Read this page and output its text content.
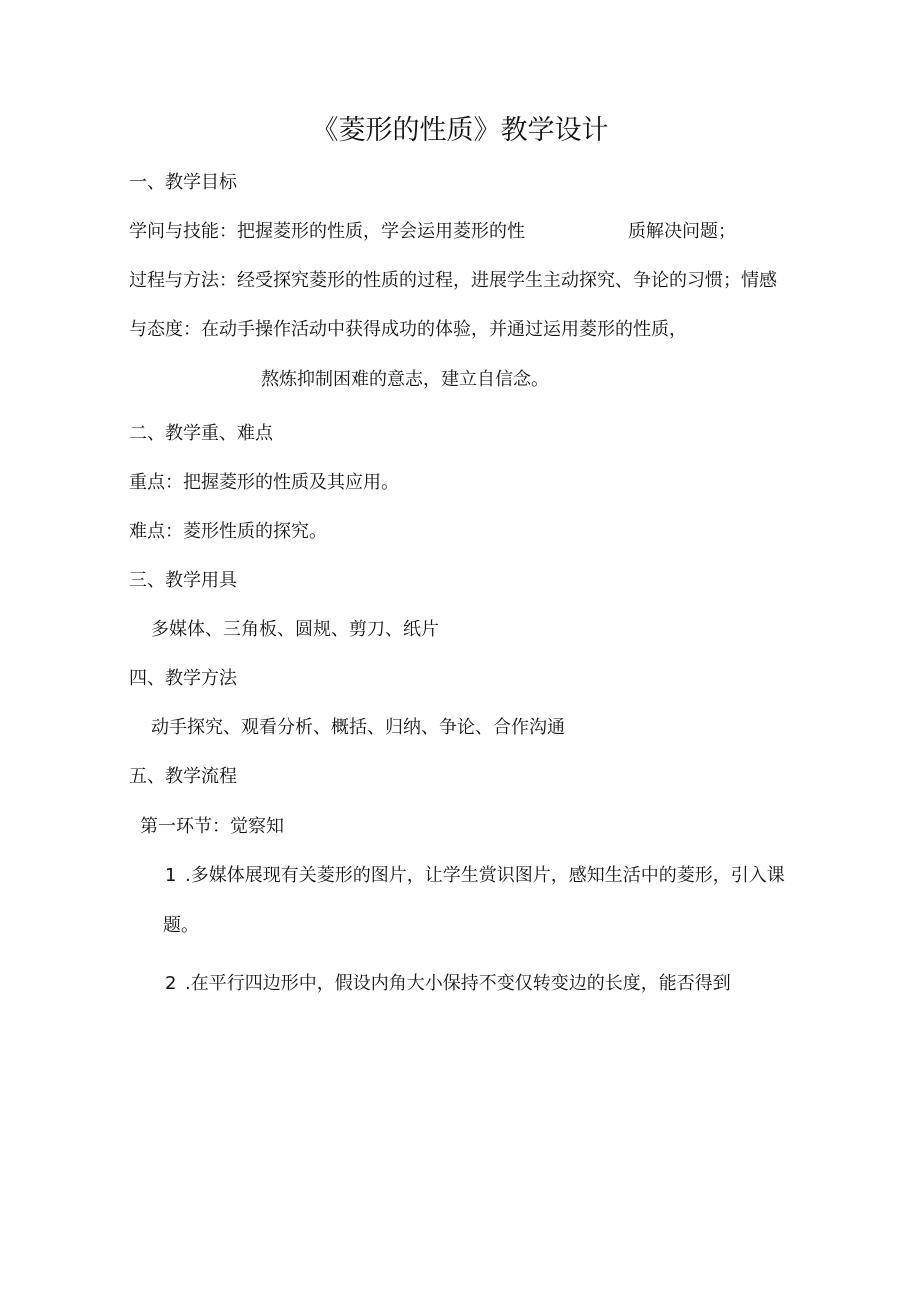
《菱形的性质》教学设计
一、教学目标
学问与技能：把握菱形的性质，学会运用菱形的性	质解决问题；
过程与方法：经受探究菱形的性质的过程，进展学生主动探究、争论的习惯；情感
与态度：在动手操作活动中获得成功的体验，并通过运用菱形的性质，
熬炼抑制困难的意志，建立自信念。
二、教学重、难点
重点：把握菱形的性质及其应用。
难点：菱形性质的探究。
三、教学用具
多媒体、三角板、圆规、剪刀、纸片
四、教学方法
动手探究、观看分析、概括、归纳、争论、合作沟通
五、教学流程
第一环节：觉察知
1 .多媒体展现有关菱形的图片，让学生赏识图片，感知生活中的菱形，引入课
题。
2 .在平行四边形中，假设内角大小保持不变仅转变边的长度，能否得到
